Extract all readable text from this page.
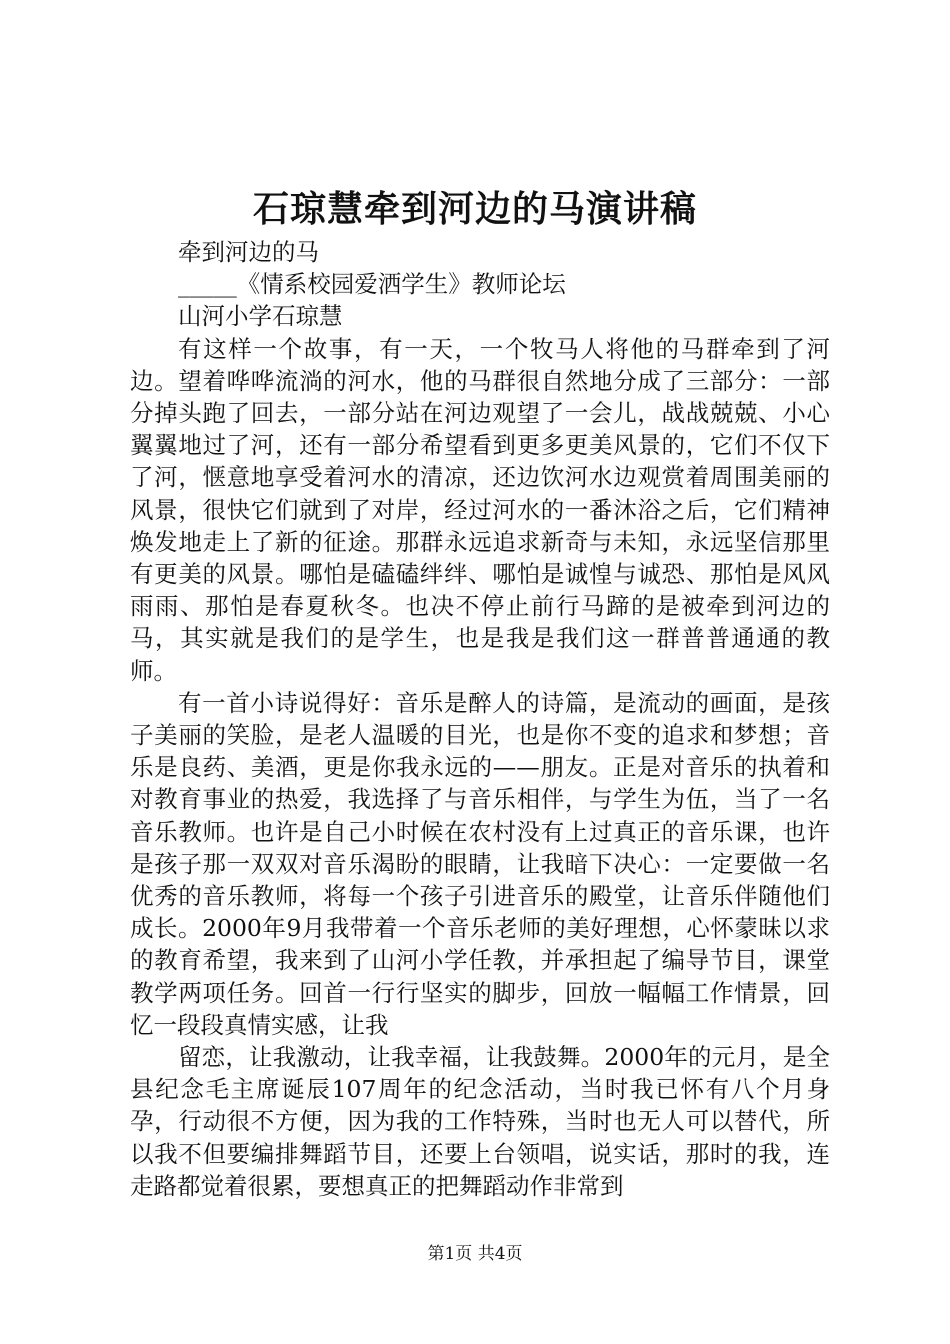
石琼慧牵到河边的马演讲稿

牵到河边的马

_____《情系校园爱洒学生》教师论坛

山河小学石琼慧

有这样一个故事，有一天，一个牧马人将他的马群牵到了河边。望着哗哗流淌的河水，他的马群很自然地分成了三部分：一部分掉头跑了回去，一部分站在河边观望了一会儿，战战兢兢、小心翼翼地过了河，还有一部分希望看到更多更美风景的，它们不仅下了河，惬意地享受着河水的清凉，还边饮河水边观赏着周围美丽的风景，很快它们就到了对岸，经过河水的一番沐浴之后，它们精神焕发地走上了新的征途。那群永远追求新奇与未知，永远坚信那里有更美的风景。哪怕是磕磕绊绊、哪怕是诚惶与诚恐、那怕是风风雨雨、那怕是春夏秋冬。也决不停止前行马蹄的是被牵到河边的马，其实就是我们的是学生，也是我是我们这一群普普通通的教师。

有一首小诗说得好：音乐是醉人的诗篇，是流动的画面，是孩子美丽的笑脸，是老人温暖的目光，也是你不变的追求和梦想；音乐是良药、美酒，更是你我永远的——朋友。正是对音乐的执着和对教育事业的热爱，我选择了与音乐相伴，与学生为伍，当了一名音乐教师。也许是自己小时候在农村没有上过真正的音乐课，也许是孩子那一双双对音乐渴盼的眼睛，让我暗下决心：一定要做一名优秀的音乐教师，将每一个孩子引进音乐的殿堂，让音乐伴随他们成长。2000年9月我带着一个音乐老师的美好理想，心怀蒙昧以求的教育希望，我来到了山河小学任教，并承担起了编导节目，课堂教学两项任务。回首一行行坚实的脚步，回放一幅幅工作情景，回忆一段段真情实感，让我

留恋，让我激动，让我幸福，让我鼓舞。2000年的元月，是全县纪念毛主席诞辰107周年的纪念活动，当时我已怀有八个月身孕，行动很不方便，因为我的工作特殊，当时也无人可以替代，所以我不但要编排舞蹈节目，还要上台领唱，说实话，那时的我，连走路都觉着很累，要想真正的把舞蹈动作非常到

第1页 共4页
